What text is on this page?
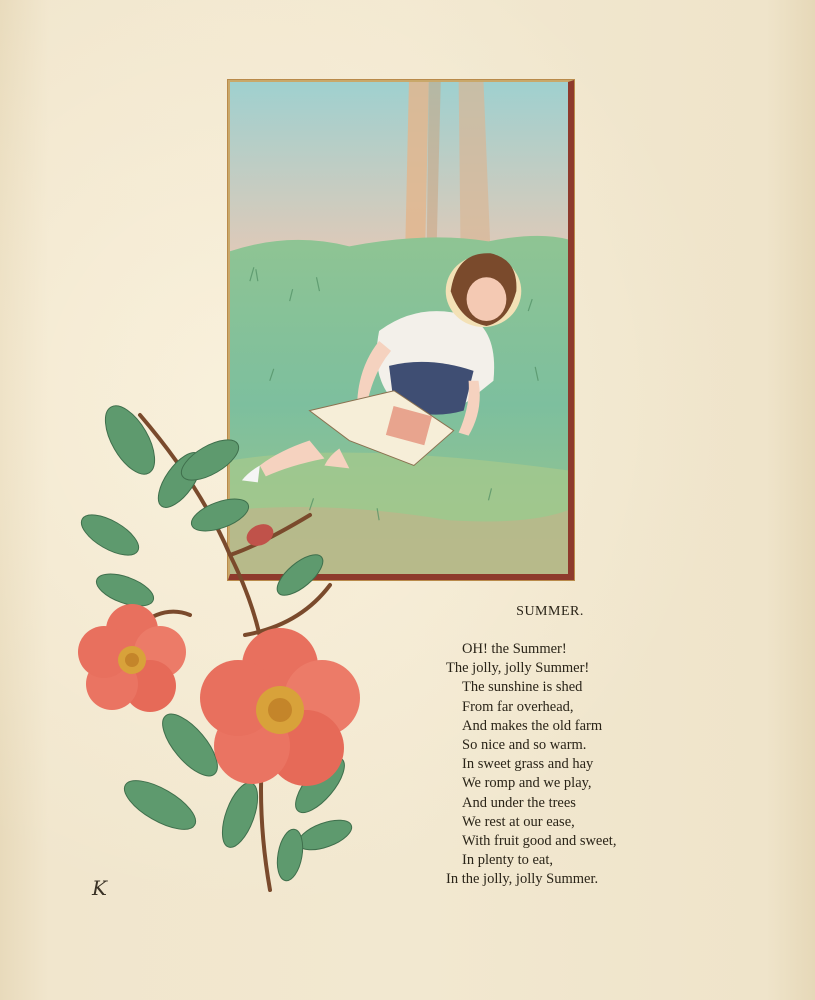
K
SUMMER.
OH! the Summer!
The jolly, jolly Summer!
The sunshine is shed
From far overhead,
And makes the old farm
So nice and so warm.
In sweet grass and hay
We romp and we play,
And under the trees
We rest at our ease,
With fruit good and sweet,
In plenty to eat,
In the jolly, jolly Summer.
